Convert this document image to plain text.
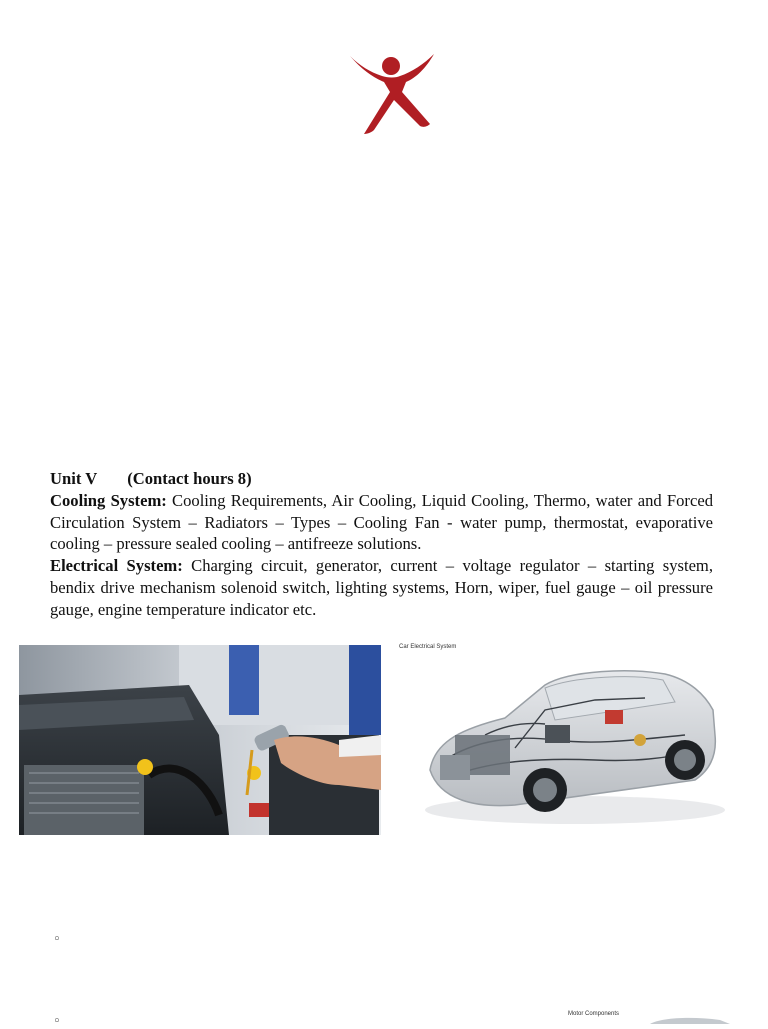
Unit V (Contact hours 8)
Cooling System: Cooling Requirements, Air Cooling, Liquid Cooling, Thermo, water and Forced Circulation System – Radiators – Types – Cooling Fan - water pump, thermostat, evaporative cooling – pressure sealed cooling – antifreeze solutions.
Electrical System: Charging circuit, generator, current – voltage regulator – starting system, bendix drive mechanism solenoid switch, lighting systems, Horn, wiper, fuel gauge – oil pressure gauge, engine temperature indicator etc.
Car Electrical System
◦
◦	Motor Components
